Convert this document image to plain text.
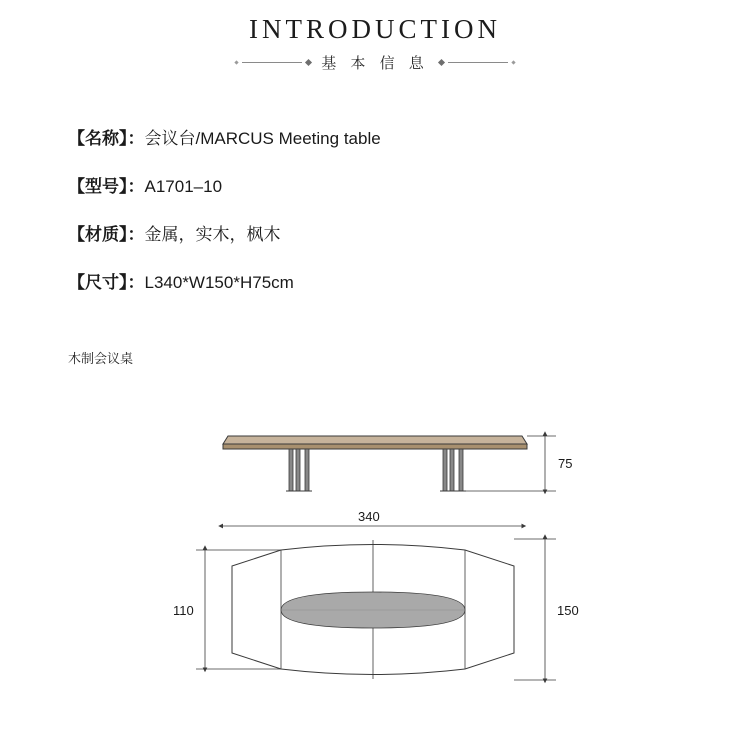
INTRODUCTION
基 本 信 息
【名称】：会议台/MARCUS Meeting table
【型号】：A1701–10
【材质】：金属，实木，枫木
【尺寸】：L340*W150*H75cm
木制会议桌
75
340
110	150
